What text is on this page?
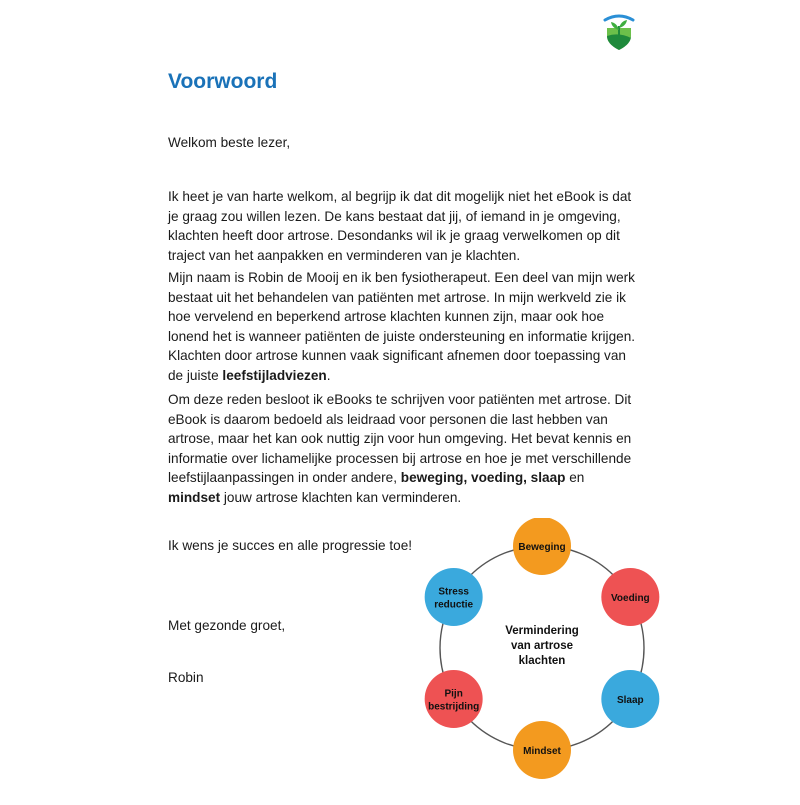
Voorwoord

Welkom beste lezer,

Ik heet je van harte welkom, al begrijp ik dat dit mogelijk niet het eBook is dat je graag zou willen lezen. De kans bestaat dat jij, of iemand in je omgeving, klachten heeft door artrose. Desondanks wil ik je graag verwelkomen op dit traject van het aanpakken en verminderen van je klachten.

Mijn naam is Robin de Mooij en ik ben fysiotherapeut. Een deel van mijn werk bestaat uit het behandelen van patiënten met artrose. In mijn werkveld zie ik hoe vervelend en beperkend artrose klachten kunnen zijn, maar ook hoe lonend het is wanneer patiënten de juiste ondersteuning en informatie krijgen. Klachten door artrose kunnen vaak significant afnemen door toepassing van de juiste leefstijladviezen.

Om deze reden besloot ik eBooks te schrijven voor patiënten met artrose. Dit eBook is daarom bedoeld als leidraad voor personen die last hebben van artrose, maar het kan ook nuttig zijn voor hun omgeving. Het bevat kennis en informatie over lichamelijke processen bij artrose en hoe je met verschillende leefstijlaanpassingen in onder andere, beweging, voeding, slaap en mindset jouw artrose klachten kan verminderen.

Ik wens je succes en alle progressie toe!

Met gezonde groet,

Robin

Vermindering van artrose klachten
Beweging
Voeding
Slaap
Mindset
Pijn bestrijding
Stress reductie
